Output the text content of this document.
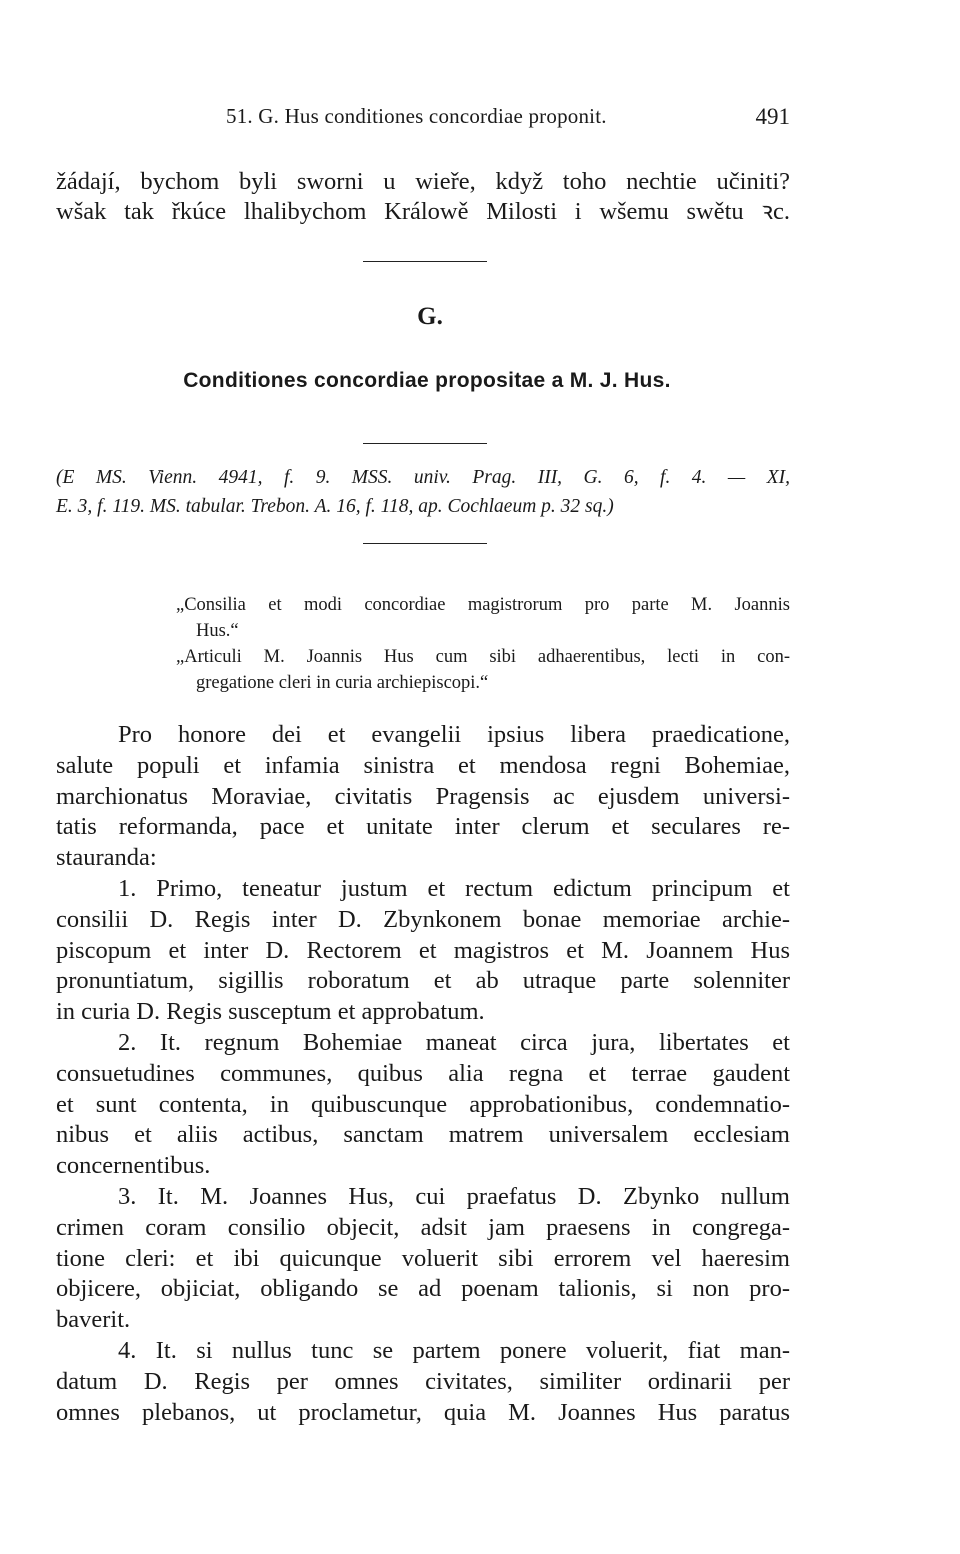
51. G. Hus conditiones concordiae proponit.	491
žádají, bychom byli sworni u wieře, když toho nechtie učiniti?
wšak tak řkúce lhalibychom Králowě Milosti i wšemu swětu ꝛc.
G.
Conditiones concordiae propositae a M. J. Hus.
(E MS. Vienn. 4941, f. 9. MSS. univ. Prag. III, G. 6, f. 4. — XI,
E. 3, f. 119. MS. tabular. Trebon. A. 16, f. 118, ap. Cochlaeum p. 32 sq.)
„Consilia et modi concordiae magistrorum pro parte M. Joannis
Hus.“
„Articuli M. Joannis Hus cum sibi adhaerentibus, lecti in con-
gregatione cleri in curia archiepiscopi.“
Pro honore dei et evangelii ipsius libera praedicatione,
salute populi et infamia sinistra et mendosa regni Bohemiae,
marchionatus Moraviae, civitatis Pragensis ac ejusdem universi-
tatis reformanda, pace et unitate inter clerum et seculares re-
staurandа:
1. Primo, teneatur justum et rectum edictum principum et
consilii D. Regis inter D. Zbynkonem bonae memoriae archie-
piscopum et inter D. Rectorem et magistros et M. Joannem Hus
pronuntiatum, sigillis roboratum et ab utraque parte solenniter
in curia D. Regis susceptum et approbatum.
2. It. regnum Bohemiae maneat circa jura, libertates et
consuetudines communes, quibus alia regna et terrae gaudent
et sunt contenta, in quibuscunque approbationibus, condemnatio-
nibus et aliis actibus, sanctam matrem universalem ecclesiam
concernentibus.
3. It. M. Joannes Hus, cui praefatus D. Zbynko nullum
crimen coram consilio objecit, adsit jam praesens in congrega-
tione cleri: et ibi quicunque voluerit sibi errorem vel haeresim
objicere, objiciat, obligando se ad poenam talionis, si non pro-
baverit.
4. It. si nullus tunc se partem ponere voluerit, fiat man-
datum D. Regis per omnes civitates, similiter ordinarii per
omnes plebanos, ut proclametur, quia M. Joannes Hus paratus
